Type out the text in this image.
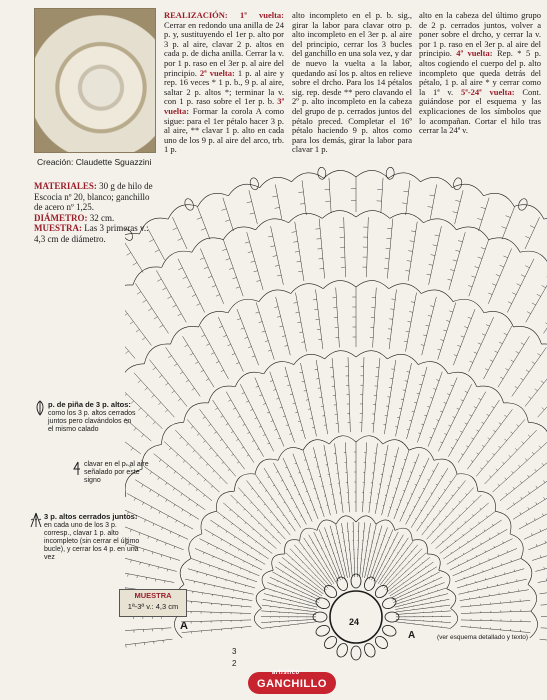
Creación: Claudette Sguazzini
MATERIALES: 30 g de hilo de Escocia nº 20, blanco; ganchillo de acero nº 1,25.
DIÁMETRO: 32 cm.
MUESTRA: Las 3 primeras v.: 4,3 cm de diámetro.
REALIZACIÓN: 1ª vuelta: Cerrar en redondo una anilla de 24 p. y, sustituyendo el 1er p. alto por 3 p. al aire, clavar 2 p. altos en cada p. de dicha anilla. Cerrar la v. por 1 p. raso en el 3er p. al aire del principio. 2ª vuelta: 1 p. al aire y rep. 16 veces * 1 p. b., 9 p. al aire, saltar 2 p. altos *; terminar la v. con 1 p. raso sobre el 1er p. b. 3ª vuelta: Formar la corola A como sigue: para el 1er pétalo hacer 3 p. al aire, ** clavar 1 p. alto en cada uno de los 9 p. al aire del arco, trb. 1 p.
alto incompleto en el p. b. sig., girar la labor para clavar otro p. alto incompleto en el 3er p. al aire del principio, cerrar los 3 bucles del ganchillo en una sola vez, y dar de nuevo la vuelta a la labor, quedando así los p. altos en relieve sobre el drcho. Para los 14 pétalos sig. rep. desde ** pero clavando el 2º p. alto incompleto en la cabeza del grupo de p. cerrados juntos del pétalo preced. Completar el 16º pétalo haciendo 9 p. altos como para los demás, girar la labor para clavar 1 p.
alto en la cabeza del último grupo de 2 p. cerrados juntos, volver a poner sobre el drcho, y cerrar la v. por 1 p. raso en el 3er p. al aire del principio. 4ª vuelta: Rep. * 5 p. altos cogiendo el cuerpo del p. alto incompleto que queda detrás del pétalo, 1 p. al aire * y cerrar como la 1ª v. 5ª-24ª vuelta: Cont. guiándose por el esquema y las explicaciones de los símbolos que lo acompañan. Cortar el hilo tras cerrar la 24ª v.
p. de piña de 3 p. altos:
como los 3 p. altos cerrados juntos pero clavándolos en el mismo calado
clavar en el p. al aire señalado por este signo
3 p. altos cerrados juntos:
en cada uno de los 3 p. corresp., clavar 1 p. alto incompleto (sin cerrar el último bucle), y cerrar los 4 p. en una vez
MUESTRA
1ª-3ª v.: 4,3 cm
A
A
2
3
(ver esquema detallado y texto)
24
artístico
GANCHILLO
